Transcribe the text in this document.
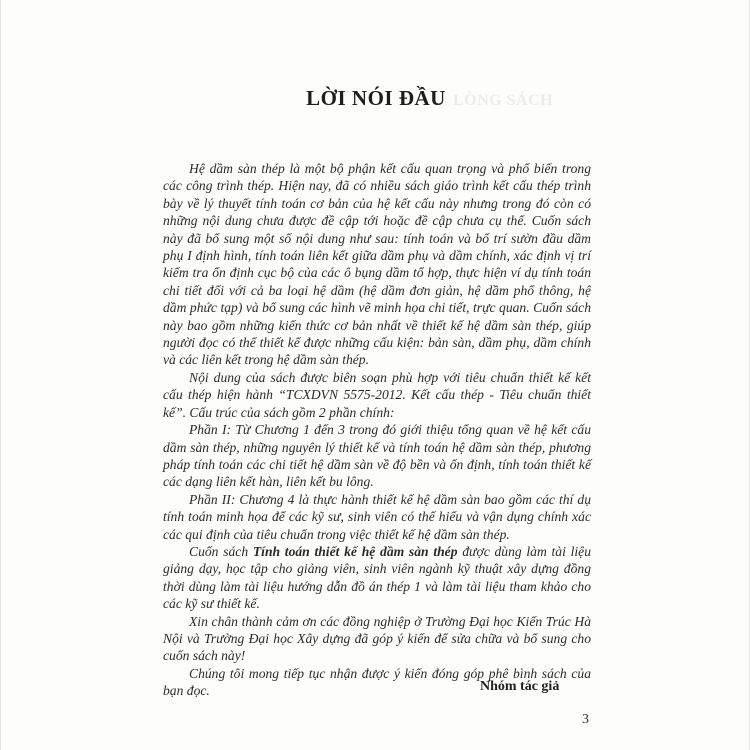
LÒNG SÁCH
LỜI NÓI ĐẦU

Hệ dầm sàn thép là một bộ phận kết cấu quan trọng và phổ biến trong các công trình thép. Hiện nay, đã có nhiều sách giáo trình kết cấu thép trình bày về lý thuyết tính toán cơ bản của hệ kết cấu này nhưng trong đó còn có những nội dung chưa được đề cập tới hoặc đề cập chưa cụ thể. Cuốn sách này đã bổ sung một số nội dung như sau: tính toán và bố trí sườn đầu dầm phụ I định hình, tính toán liên kết giữa dầm phụ và dầm chính, xác định vị trí kiểm tra ổn định cục bộ của các ô bụng dầm tổ hợp, thực hiện ví dụ tính toán chi tiết đối với cả ba loại hệ dầm (hệ dầm đơn giản, hệ dầm phổ thông, hệ dầm phức tạp) và bổ sung các hình vẽ minh họa chi tiết, trực quan. Cuốn sách này bao gồm những kiến thức cơ bản nhất về thiết kế hệ dầm sàn thép, giúp người đọc có thể thiết kế được những cấu kiện: bản sàn, dầm phụ, dầm chính và các liên kết trong hệ dầm sàn thép.

Nội dung của sách được biên soạn phù hợp với tiêu chuẩn thiết kế kết cấu thép hiện hành “TCXDVN 5575-2012. Kết cấu thép - Tiêu chuẩn thiết kế”. Cấu trúc của sách gồm 2 phần chính:

Phần I: Từ Chương 1 đến 3 trong đó giới thiệu tổng quan về hệ kết cấu dầm sàn thép, những nguyên lý thiết kế và tính toán hệ dầm sàn thép, phương pháp tính toán các chi tiết hệ dầm sàn về độ bền và ổn định, tính toán thiết kế các dạng liên kết hàn, liên kết bu lông.

Phần II: Chương 4 là thực hành thiết kế hệ dầm sàn bao gồm các thí dụ tính toán minh họa để các kỹ sư, sinh viên có thể hiểu và vận dụng chính xác các qui định của tiêu chuẩn trong việc thiết kế hệ dầm sàn thép.

Cuốn sách Tính toán thiết kế hệ dầm sàn thép được dùng làm tài liệu giảng dạy, học tập cho giảng viên, sinh viên ngành kỹ thuật xây dựng đồng thời dùng làm tài liệu hướng dẫn đồ án thép 1 và làm tài liệu tham khảo cho các kỹ sư thiết kế.

Xin chân thành cảm ơn các đồng nghiệp ở Trường Đại học Kiến Trúc Hà Nội và Trường Đại học Xây dựng đã góp ý kiến để sửa chữa và bổ sung cho cuốn sách này!

Chúng tôi mong tiếp tục nhận được ý kiến đóng góp phê bình sách của bạn đọc.	Nhóm tác giả
3
